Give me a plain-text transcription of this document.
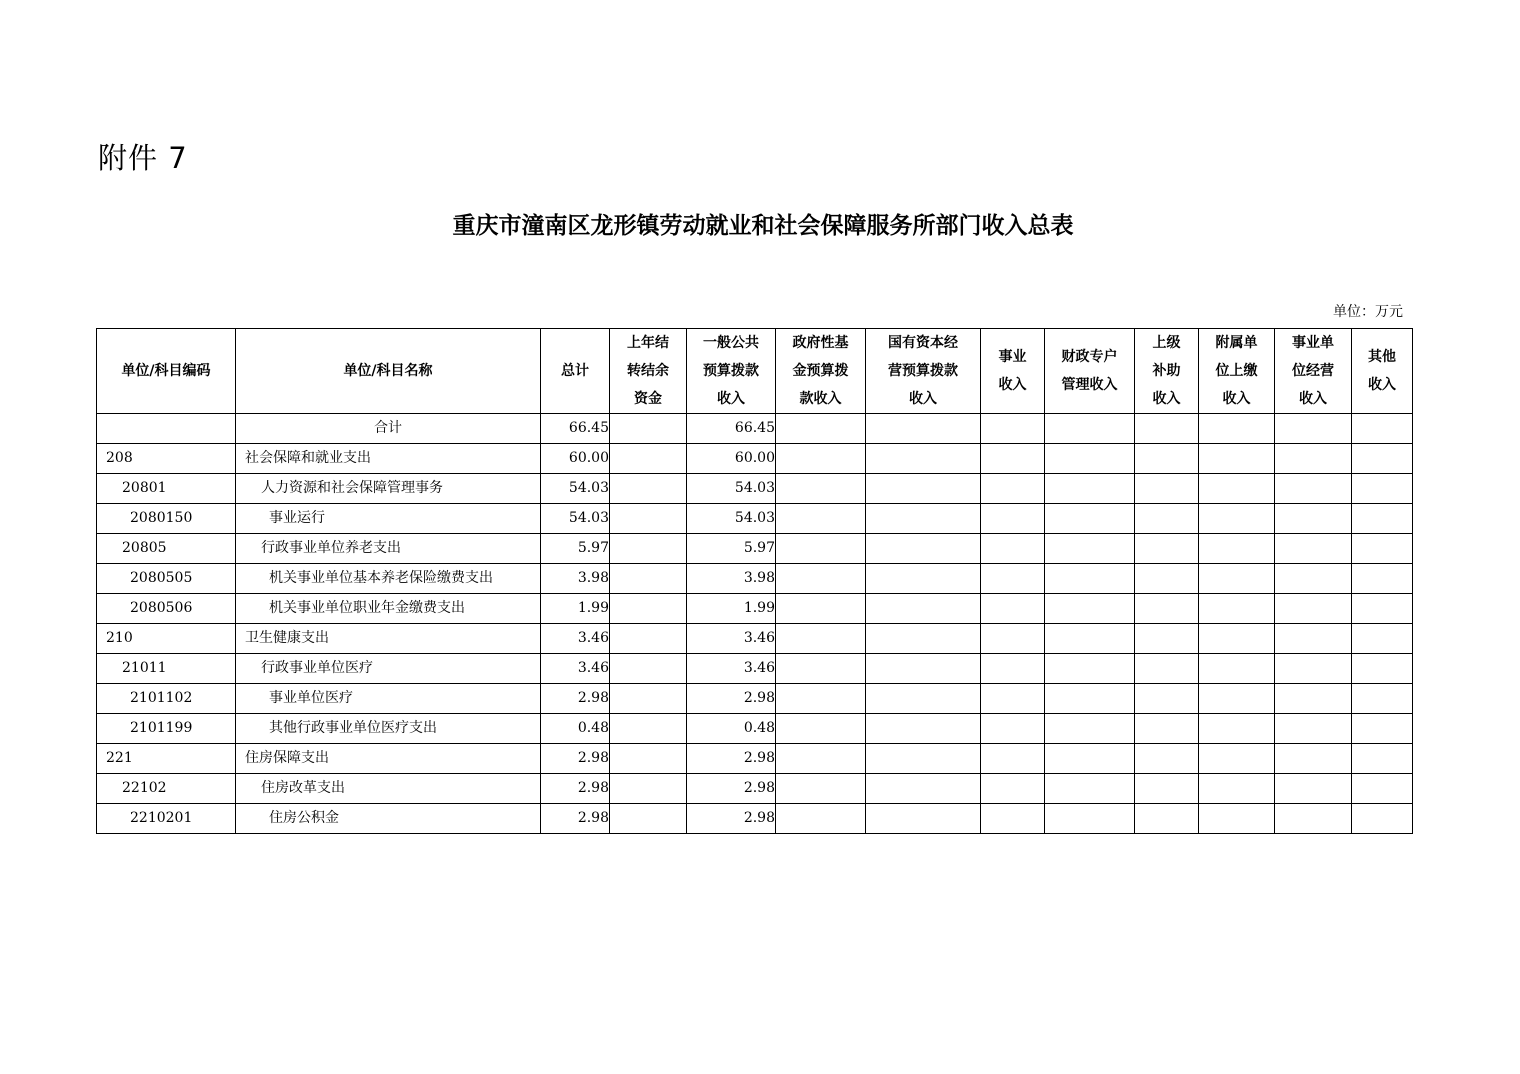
附件 7
重庆市潼南区龙形镇劳动就业和社会保障服务所部门收入总表
单位：万元
单位/科目编码	单位/科目名称	总计	上年结
转结余
资金	一般公共
预算拨款
收入	政府性基
金预算拨
款收入	国有资本经
营预算拨款
收入	事业
收入	财政专户
管理收入	上级
补助
收入	附属单
位上缴
收入	事业单
位经营
收入	其他
收入

	合计	66.45		66.45								
208	社会保障和就业支出	60.00		60.00								
20801	人力资源和社会保障管理事务	54.03		54.03								
2080150	事业运行	54.03		54.03								
20805	行政事业单位养老支出	5.97		5.97								
2080505	机关事业单位基本养老保险缴费支出	3.98		3.98								
2080506	机关事业单位职业年金缴费支出	1.99		1.99								
210	卫生健康支出	3.46		3.46								
21011	行政事业单位医疗	3.46		3.46								
2101102	事业单位医疗	2.98		2.98								
2101199	其他行政事业单位医疗支出	0.48		0.48								
221	住房保障支出	2.98		2.98								
22102	住房改革支出	2.98		2.98								
2210201	住房公积金	2.98		2.98								
